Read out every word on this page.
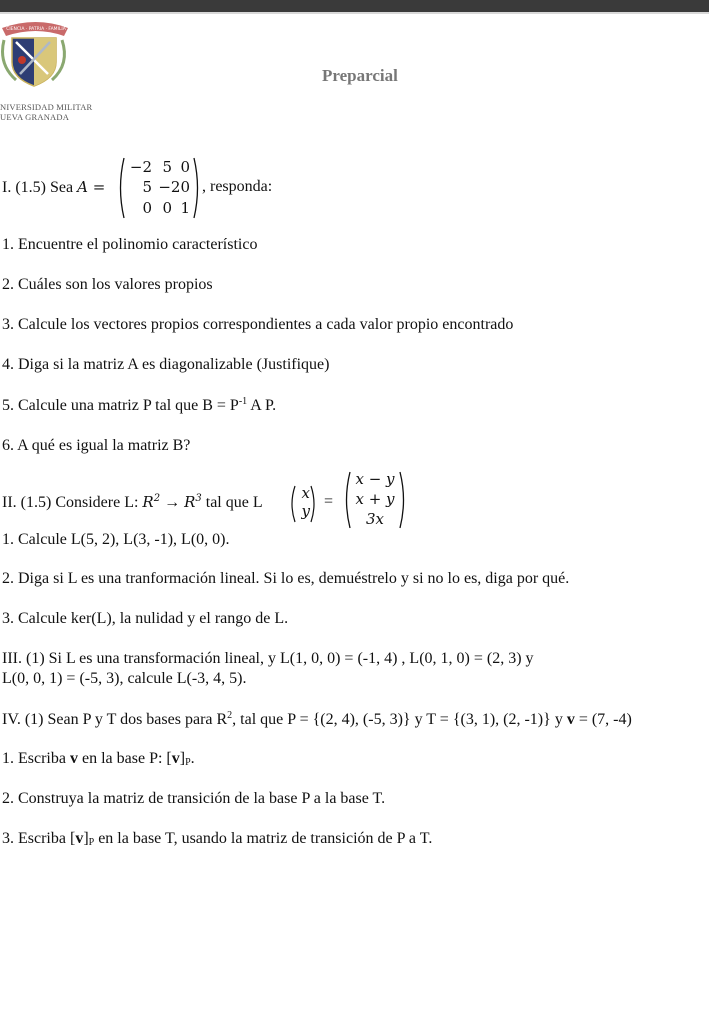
CIENCIA · PATRIA · FAMILIA
NIVERSIDAD MILITAR
UEVA GRANADA
Preparcial
I. (1.5) Sea A =
−2 5 0
5 −20
0 0 1
, responda:
1. Encuentre el polinomio característico
2. Cuáles son los valores propios
3. Calcule los vectores propios correspondientes a cada valor propio encontrado
4. Diga si la matriz A es diagonalizable (Justifique)
5. Calcule una matriz P tal que $B = P^{-1}$ A P.
6. A qué es igual la matriz B?
II. (1.5) Considere L: $R^2 \to R^3$ tal que L
x
y
=
x − y
x + y
3x
1. Calcule L(5, 2), L(3, -1), L(0, 0).
2. Diga si L es una tranformación lineal. Si lo es, demuéstrelo y si no lo es, diga por qué.
3. Calcule ker(L), la nulidad y el rango de L.
III. (1) Si L es una transformación lineal, y L(1, 0, 0) = (-1, 4) , L(0, 1, 0) = (2, 3) y
L(0, 0, 1) = (-5, 3), calcule L(-3, 4, 5).
IV. (1) Sean P y T dos bases para $R^2$, tal que P = {(2, 4), (-5, 3)} y T = {(3, 1), (2, -1)} y v = (7, -4)
1. Escriba v en la base P: $[v]_P$.
2. Construya la matriz de transición de la base P a la base T.
3. Escriba $[v]_P$ en la base T, usando la matriz de transición de P a T.
